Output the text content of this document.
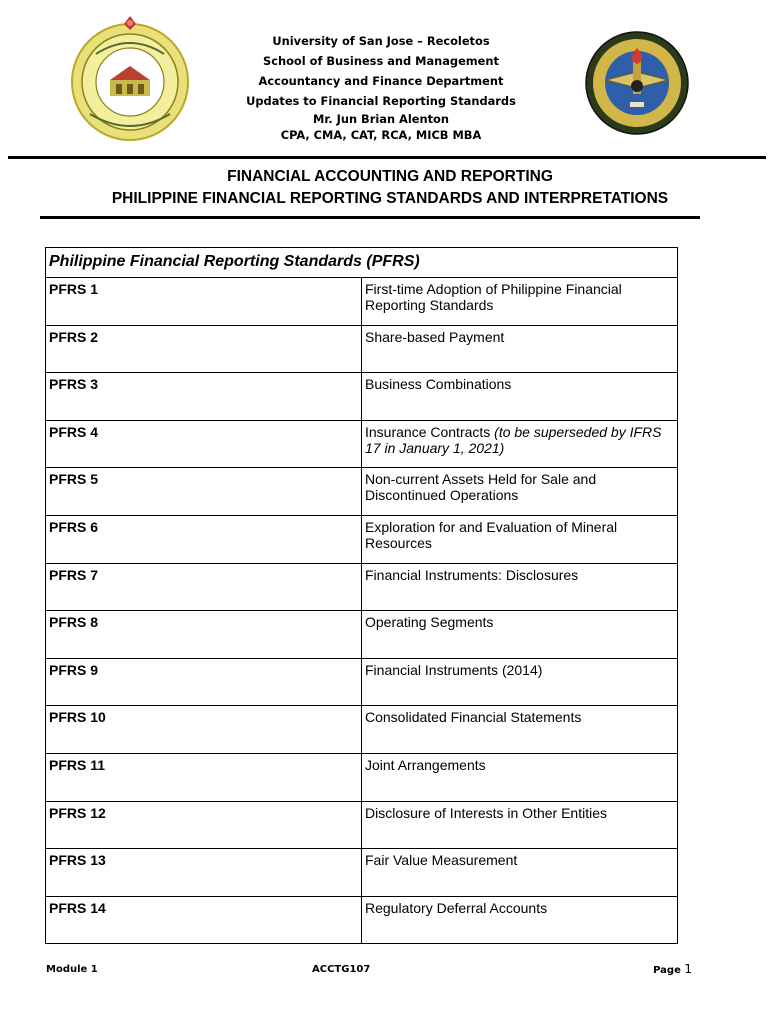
University of San Jose – Recoletos
School of Business and Management
Accountancy and Finance Department
Updates to Financial Reporting Standards
Mr. Jun Brian Alenton
CPA, CMA, CAT, RCA, MICB MBA
FINANCIAL ACCOUNTING AND REPORTING
PHILIPPINE FINANCIAL REPORTING STANDARDS AND INTERPRETATIONS
Philippine Financial Reporting Standards (PFRS)	
PFRS 1	First-time Adoption of Philippine Financial Reporting Standards
PFRS 2	Share-based Payment
PFRS 3	Business Combinations
PFRS 4	Insurance Contracts (to be superseded by IFRS 17 in January 1, 2021)
PFRS 5	Non-current Assets Held for Sale and Discontinued Operations
PFRS 6	Exploration for and Evaluation of Mineral Resources
PFRS 7	Financial Instruments: Disclosures
PFRS 8	Operating Segments
PFRS 9	Financial Instruments (2014)
PFRS 10	Consolidated Financial Statements
PFRS 11	Joint Arrangements
PFRS 12	Disclosure of Interests in Other Entities
PFRS 13	Fair Value Measurement
PFRS 14	Regulatory Deferral Accounts
Module 1	ACCTG107	Page 1
